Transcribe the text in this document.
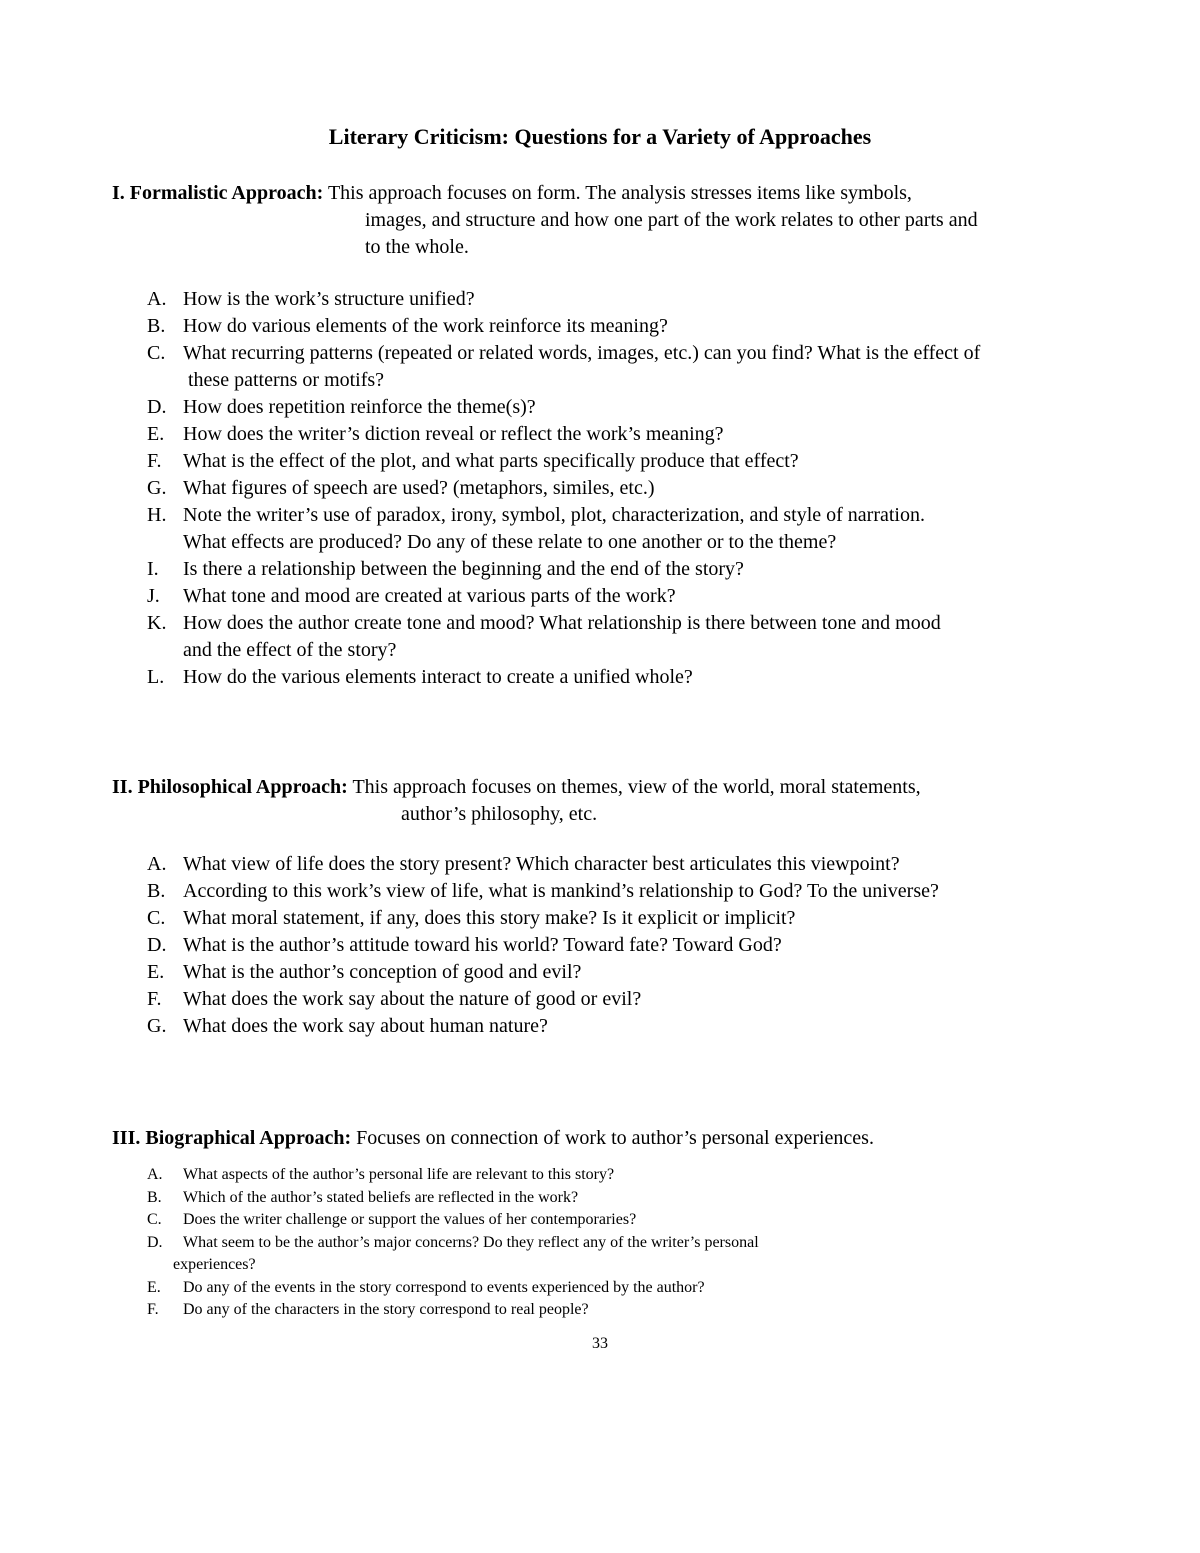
Literary Criticism: Questions for a Variety of Approaches
I. Formalistic Approach: This approach focuses on form. The analysis stresses items like symbols,
images, and structure and how one part of the work relates to other parts and
to the whole.
A. How is the work’s structure unified?
B. How do various elements of the work reinforce its meaning?
C. What recurring patterns (repeated or related words, images, etc.) can you find? What is the effect of
these patterns or motifs?
D. How does repetition reinforce the theme(s)?
E. How does the writer’s diction reveal or reflect the work’s meaning?
F. What is the effect of the plot, and what parts specifically produce that effect?
G. What figures of speech are used? (metaphors, similes, etc.)
H. Note the writer’s use of paradox, irony, symbol, plot, characterization, and style of narration.
What effects are produced? Do any of these relate to one another or to the theme?
I. Is there a relationship between the beginning and the end of the story?
J. What tone and mood are created at various parts of the work?
K. How does the author create tone and mood? What relationship is there between tone and mood
and the effect of the story?
L. How do the various elements interact to create a unified whole?
II. Philosophical Approach: This approach focuses on themes, view of the world, moral statements,
author’s philosophy, etc.
A. What view of life does the story present? Which character best articulates this viewpoint?
B. According to this work’s view of life, what is mankind’s relationship to God? To the universe?
C. What moral statement, if any, does this story make? Is it explicit or implicit?
D. What is the author’s attitude toward his world? Toward fate? Toward God?
E. What is the author’s conception of good and evil?
F. What does the work say about the nature of good or evil?
G. What does the work say about human nature?
III. Biographical Approach: Focuses on connection of work to author’s personal experiences.
A. What aspects of the author’s personal life are relevant to this story?
B. Which of the author’s stated beliefs are reflected in the work?
C. Does the writer challenge or support the values of her contemporaries?
D. What seem to be the author’s major concerns? Do they reflect any of the writer’s personal
experiences?
E. Do any of the events in the story correspond to events experienced by the author?
F. Do any of the characters in the story correspond to real people?
33
